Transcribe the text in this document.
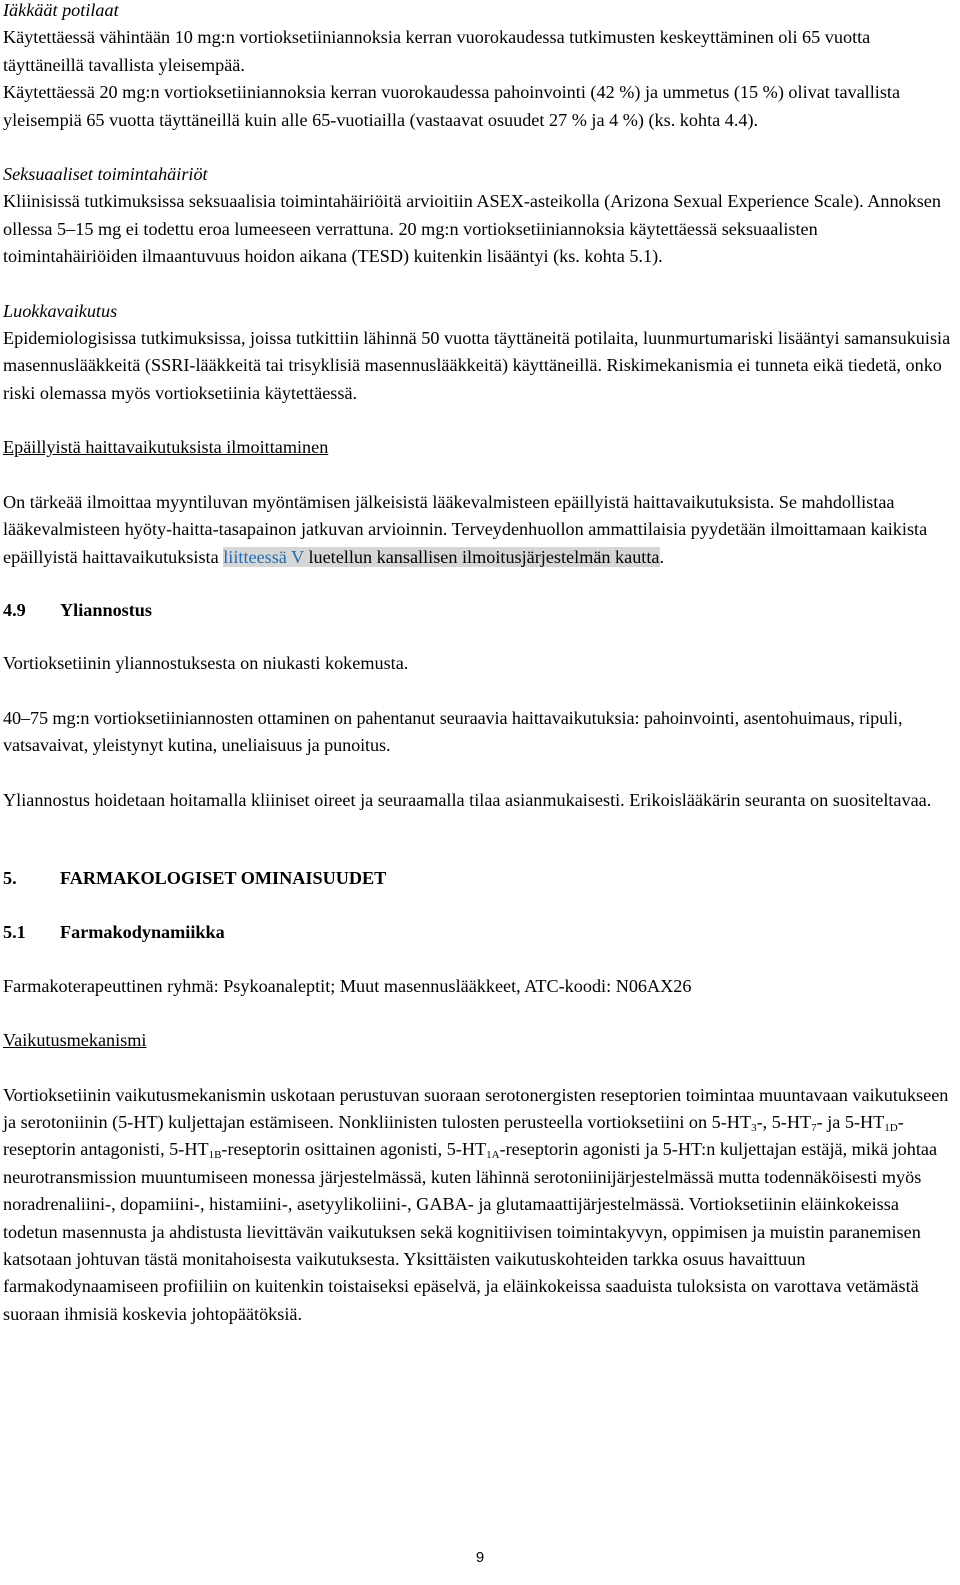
Iäkkäät potilaat

Käytettäessä vähintään 10 mg:n vortioksetiiniannoksia kerran vuorokaudessa tutkimusten keskeyttäminen oli 65 vuotta täyttäneillä tavallista yleisempää.

Käytettäessä 20 mg:n vortioksetiiniannoksia kerran vuorokaudessa pahoinvointi (42 %) ja ummetus (15 %) olivat tavallista yleisempiä 65 vuotta täyttäneillä kuin alle 65-vuotiailla (vastaavat osuudet 27 % ja 4 %) (ks. kohta 4.4).

Seksuaaliset toimintahäiriöt

Kliinisissä tutkimuksissa seksuaalisia toimintahäiriöitä arvioitiin ASEX-asteikolla (Arizona Sexual Experience Scale). Annoksen ollessa 5–15 mg ei todettu eroa lumeeseen verrattuna. 20 mg:n vortioksetiiniannoksia käytettäessä seksuaalisten toimintahäiriöiden ilmaantuvuus hoidon aikana (TESD) kuitenkin lisääntyi (ks. kohta 5.1).

Luokkavaikutus

Epidemiologisissa tutkimuksissa, joissa tutkittiin lähinnä 50 vuotta täyttäneitä potilaita, luunmurtumariski lisääntyi samansukuisia masennuslääkkeitä (SSRI-lääkkeitä tai trisyklisiä masennuslääkkeitä) käyttäneillä. Riskimekanismia ei tunneta eikä tiedetä, onko riski olemassa myös vortioksetiinia käytettäessä.

Epäillyistä haittavaikutuksista ilmoittaminen

On tärkeää ilmoittaa myyntiluvan myöntämisen jälkeisistä lääkevalmisteen epäillyistä haittavaikutuksista. Se mahdollistaa lääkevalmisteen hyöty-haitta-tasapainon jatkuvan arvioinnin. Terveydenhuollon ammattilaisia pyydetään ilmoittamaan kaikista epäillyistä haittavaikutuksista liitteessä V luetellun kansallisen ilmoitusjärjestelmän kautta.

4.9	Yliannostus

Vortioksetiinin yliannostuksesta on niukasti kokemusta.

40–75 mg:n vortioksetiiniannosten ottaminen on pahentanut seuraavia haittavaikutuksia: pahoinvointi, asentohuimaus, ripuli, vatsavaivat, yleistynyt kutina, uneliaisuus ja punoitus.

Yliannostus hoidetaan hoitamalla kliiniset oireet ja seuraamalla tilaa asianmukaisesti. Erikoislääkärin seuranta on suositeltavaa.

5.	FARMAKOLOGISET OMINAISUUDET

5.1	Farmakodynamiikka

Farmakoterapeuttinen ryhmä: Psykoanaleptit; Muut masennuslääkkeet, ATC-koodi: N06AX26

Vaikutusmekanismi

Vortioksetiinin vaikutusmekanismin uskotaan perustuvan suoraan serotonergisten reseptorien toimintaa muuntavaan vaikutukseen ja serotoniinin (5-HT) kuljettajan estämiseen. Nonkliinisten tulosten perusteella vortioksetiini on $5-HT_3-$, $5-HT_7-$ ja $5-HT_{1D}$-reseptorin antagonisti, $5-HT_{1B}$-reseptorin osittainen agonisti, $5-HT_{1A}$-reseptorin agonisti ja 5-HT:n kuljettajan estäjä, mikä johtaa neurotransmission muuntumiseen monessa järjestelmässä, kuten lähinnä serotoniinijärjestelmässä mutta todennäköisesti myös noradrenaliini-, dopamiini-, histamiini-, asetyylikoliini-, GABA- ja glutamaattijärjestelmässä. Vortioksetiinin eläinkokeissa todetun masennusta ja ahdistusta lievittävän vaikutuksen sekä kognitiivisen toimintakyvyn, oppimisen ja muistin paranemisen katsotaan johtuvan tästä monitahoisesta vaikutuksesta. Yksittäisten vaikutuskohteiden tarkka osuus havaittuun farmakodynaamiseen profiiliin on kuitenkin toistaiseksi epäselvä, ja eläinkokeissa saaduista tuloksista on varottava vetämästä suoraan ihmisiä koskevia johtopäätöksiä.

9
